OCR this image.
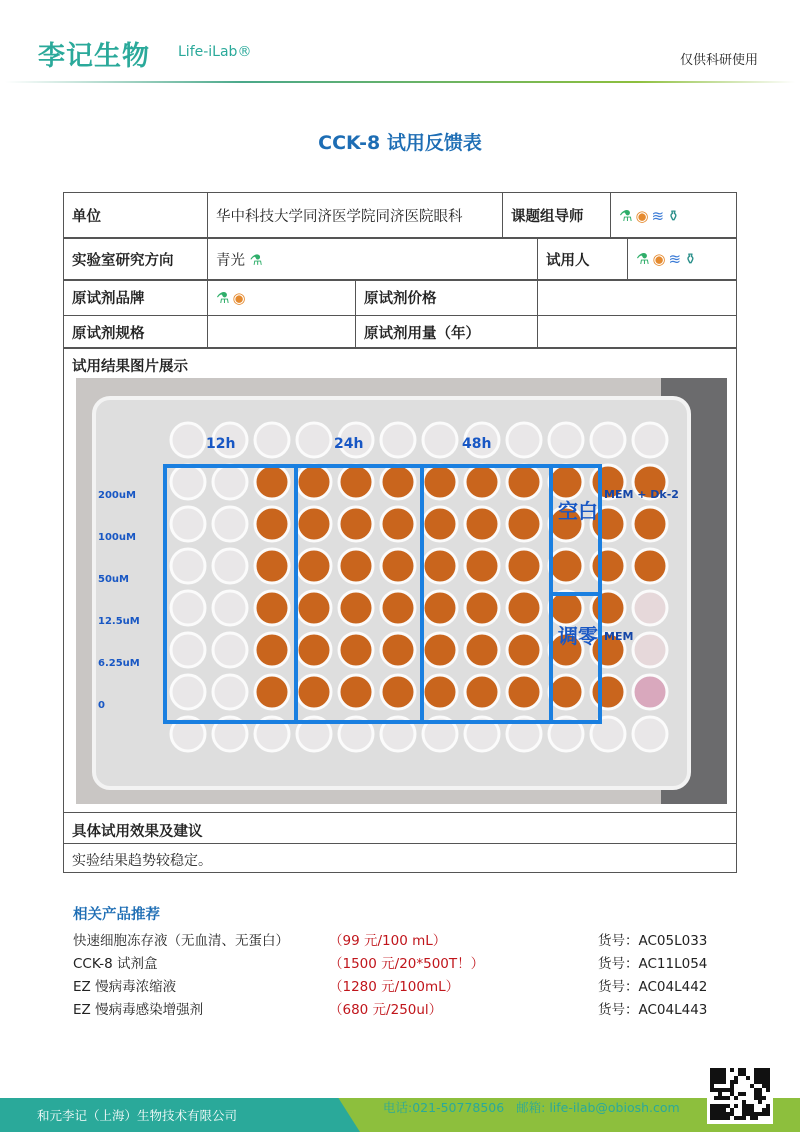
李记生物 Life-iLab®
仅供科研使用
CCK-8 试用反馈表
单位	华中科技大学同济医学院同济医院眼科	课题组导师	⚗ ◉ ≋ ⚱
实验室研究方向	青光 ⚗	试用人	⚗ ◉ ≋ ⚱
原试剂品牌	⚗ ◉	原试剂价格	
原试剂规格		原试剂用量（年）	
试用结果图片展示
12h	24h	48h
200uM
100uM
50uM
12.5uM
6.25uM
0
空白
调零
MEM + Dk-2
MEM
具体试用效果及建议
实验结果趋势较稳定。
相关产品推荐
快速细胞冻存液（无血清、无蛋白）	（99 元/100 mL）	货号：AC05L033
CCK-8 试剂盒	（1500 元/20*500T！）	货号：AC11L054
EZ 慢病毒浓缩液	（1280 元/100mL）	货号：AC04L442
EZ 慢病毒感染增强剂	（680 元/250ul）	货号：AC04L443
和元李记（上海）生物技术有限公司
电话:021-50778506 邮箱: life-ilab@obiosh.com
